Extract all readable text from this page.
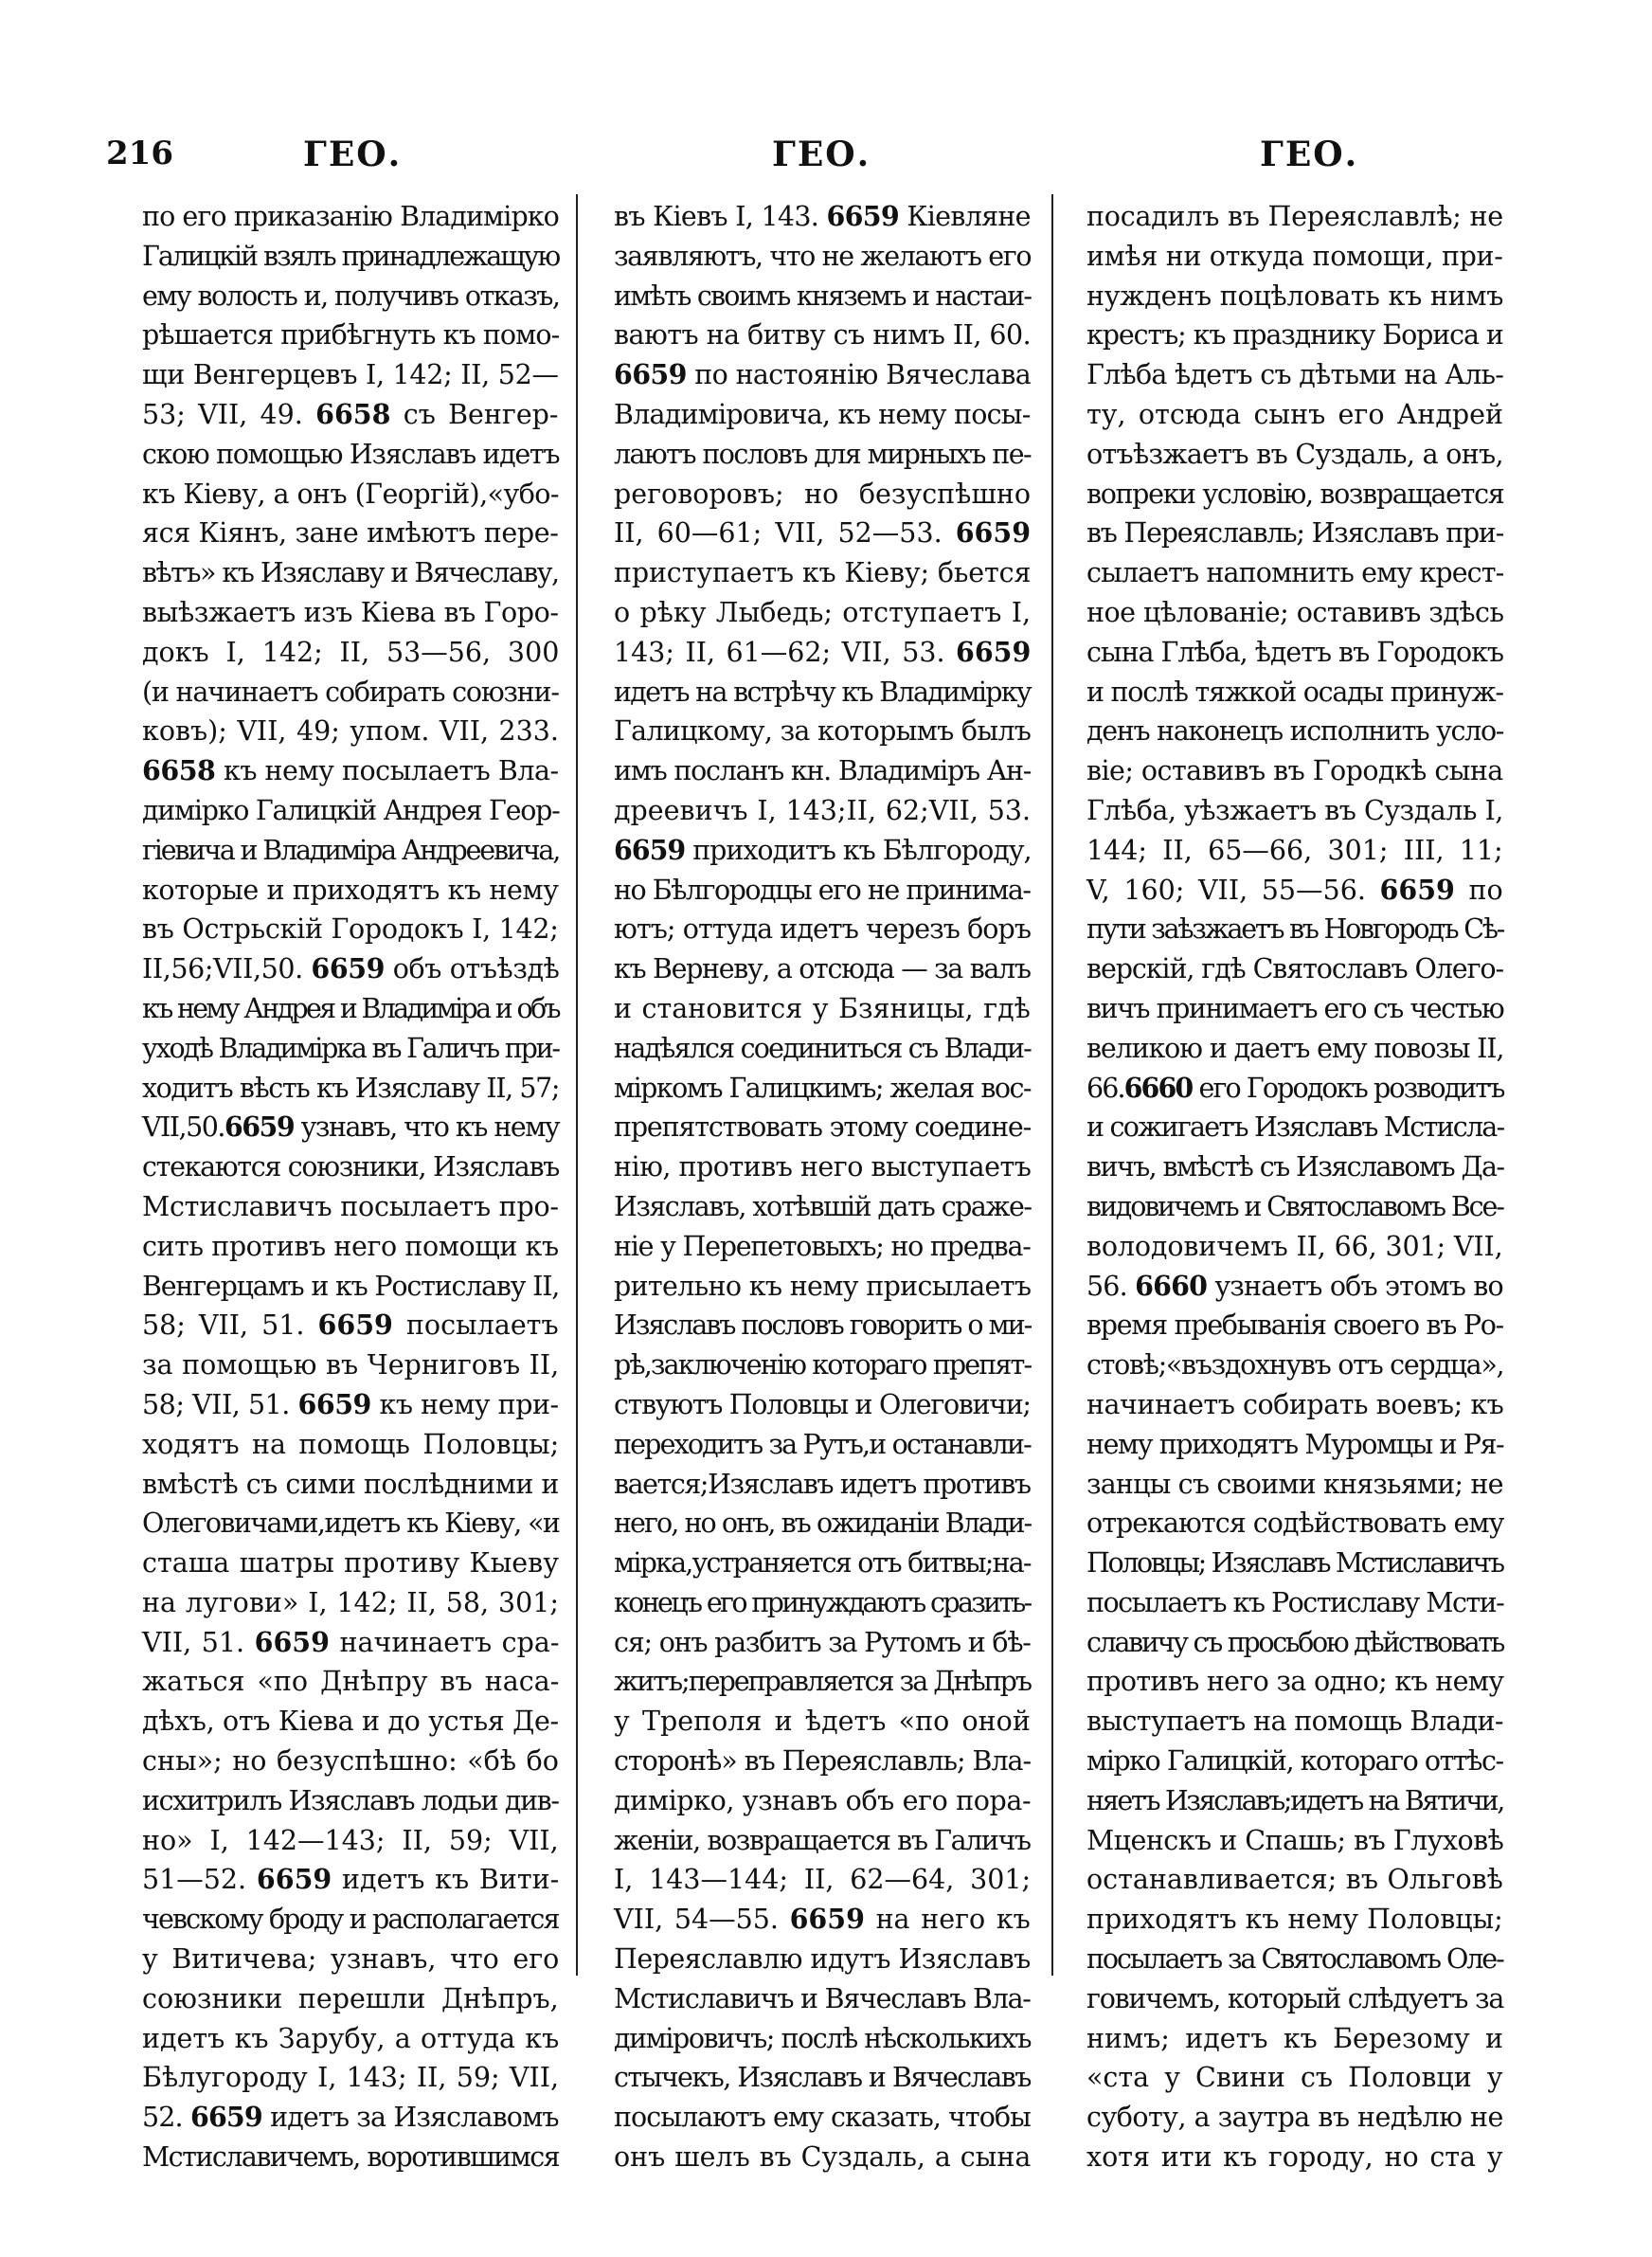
216	ГЕО.	ГЕО.	ГЕО.
по его приказанію Владимірко
Галицкій взялъ принадлежащую
ему волость и, получивъ отказъ,
рѣшается прибѣгнуть къ помо-
щи Венгерцевъ I, 142; II, 52—
53; VII, 49. 6658 съ Венгер-
скою помощью Изяславъ идетъ
къ Кіеву, а онъ (Георгій),«убо-
яся Кіянъ, зане имѣютъ пере-
вѣтъ» къ Изяславу и Вячеславу,
выѣзжаетъ изъ Кіева въ Горо-
докъ I, 142; II, 53—56, 300
(и начинаетъ собирать союзни-
ковъ); VII, 49; упом. VII, 233.
6658 къ нему посылаетъ Вла-
димірко Галицкій Андрея Геор-
гіевича и Владиміра Андреевича,
которые и приходятъ къ нему
въ Острьскій Городокъ I, 142;
II,56;VII,50. 6659 объ отъѣздѣ
къ нему Андрея и Владиміра и объ
уходѣ Владимірка въ Галичъ при-
ходитъ вѣсть къ Изяславу II, 57;
VII,50.6659 узнавъ, что къ нему
стекаются союзники, Изяславъ
Мстиславичъ посылаетъ про-
сить противъ него помощи къ
Венгерцамъ и къ Ростиславу II,
58; VII, 51. 6659 посылаетъ
за помощью въ Черниговъ II,
58; VII, 51. 6659 къ нему при-
ходятъ на помощь Половцы;
вмѣстѣ съ сими послѣдними и
Олеговичами,идетъ къ Кіеву, «и
сташа шатры противу Кыеву
на лугови» I, 142; II, 58, 301;
VII, 51. 6659 начинаетъ сра-
жаться «по Днѣпру въ наса-
дѣхъ, отъ Кіева и до устья Де-
сны»; но безуспѣшно: «бѣ бо
исхитрилъ Изяславъ лодьи див-
но» I, 142—143; II, 59; VII,
51—52. 6659 идетъ къ Вити-
чевскому броду и располагается
у Витичева; узнавъ, что его
союзники перешли Днѣпръ,
идетъ къ Зарубу, а оттуда къ
Бѣлугороду I, 143; II, 59; VII,
52. 6659 идетъ за Изяславомъ
Мстиславичемъ, воротившимся
въ Кіевъ I, 143. 6659 Кіевляне
заявляютъ, что не желаютъ его
имѣть своимъ княземъ и настаи-
ваютъ на битву съ нимъ II, 60.
6659 по настоянію Вячеслава
Владиміровича, къ нему посы-
лаютъ пословъ для мирныхъ пе-
реговоровъ; но безуспѣшно
II, 60—61; VII, 52—53. 6659
приступаетъ къ Кіеву; бьется
о рѣку Лыбедь; отступаетъ I,
143; II, 61—62; VII, 53. 6659
идетъ на встрѣчу къ Владимірку
Галицкому, за которымъ былъ
имъ посланъ кн. Владиміръ Ан-
дреевичъ I, 143;II, 62;VII, 53.
6659 приходитъ къ Бѣлгороду,
но Бѣлгородцы его не принима-
ютъ; оттуда идетъ черезъ боръ
къ Верневу, а отсюда — за валъ
и становится у Бзяницы, гдѣ
надѣялся соединиться съ Влади-
міркомъ Галицкимъ; желая вос-
препятствовать этому соедине-
нію, противъ него выступаетъ
Изяславъ, хотѣвшій дать сраже-
ніе у Перепетовыхъ; но предва-
рительно къ нему присылаетъ
Изяславъ пословъ говорить о ми-
рѣ,заключенію котораго препят-
ствуютъ Половцы и Олеговичи;
переходитъ за Рутъ,и останавли-
вается;Изяславъ идетъ противъ
него, но онъ, въ ожиданіи Влади-
мірка,устраняется отъ битвы;на-
конецъ его принуждаютъ сразить-
ся; онъ разбитъ за Рутомъ и бѣ-
житъ;переправляется за Днѣпръ
у Треполя и ѣдетъ «по оной
сторонѣ» въ Переяславль; Вла-
димірко, узнавъ объ его пора-
женіи, возвращается въ Галичъ
I, 143—144; II, 62—64, 301;
VII, 54—55. 6659 на него къ
Переяславлю идутъ Изяславъ
Мстиславичъ и Вячеславъ Вла-
диміровичъ; послѣ нѣсколькихъ
стычекъ, Изяславъ и Вячеславъ
посылаютъ ему сказать, чтобы
онъ шелъ въ Суздаль, а сына
посадилъ въ Переяславлѣ; не
имѣя ни откуда помощи, при-
нужденъ поцѣловать къ нимъ
крестъ; къ празднику Бориса и
Глѣба ѣдетъ съ дѣтьми на Аль-
ту, отсюда сынъ его Андрей
отъѣзжаетъ въ Суздаль, а онъ,
вопреки условію, возвращается
въ Переяславль; Изяславъ при-
сылаетъ напомнить ему крест-
ное цѣлованіе; оставивъ здѣсь
сына Глѣба, ѣдетъ въ Городокъ
и послѣ тяжкой осады принуж-
денъ наконецъ исполнить усло-
віе; оставивъ въ Городкѣ сына
Глѣба, уѣзжаетъ въ Суздаль I,
144; II, 65—66, 301; III, 11;
V, 160; VII, 55—56. 6659 по
пути заѣзжаетъ въ Новгородъ Сѣ-
верскій, гдѣ Святославъ Олего-
вичъ принимаетъ его съ честью
великою и даетъ ему повозы II,
66.6660 его Городокъ розводитъ
и сожигаетъ Изяславъ Мстисла-
вичъ, вмѣстѣ съ Изяславомъ Да-
видовичемъ и Святославомъ Все-
володовичемъ II, 66, 301; VII,
56. 6660 узнаетъ объ этомъ во
время пребыванія своего въ Ро-
стовѣ;«въздохнувъ отъ сердца»,
начинаетъ собирать воевъ; къ
нему приходятъ Муромцы и Ря-
занцы съ своими князьями; не
отрекаются содѣйствовать ему
Половцы; Изяславъ Мстиславичъ
посылаетъ къ Ростиславу Мсти-
славичу съ просьбою дѣйствовать
противъ него за одно; къ нему
выступаетъ на помощь Влади-
мірко Галицкій, котораго оттѣс-
няетъ Изяславъ;идетъ на Вятичи,
Мценскъ и Спашь; въ Глуховѣ
останавливается; въ Ольговѣ
приходятъ къ нему Половцы;
посылаетъ за Святославомъ Оле-
говичемъ, который слѣдуетъ за
нимъ; идетъ къ Березому и
«ста у Свини съ Половци у
суботу, а заутра въ недѣлю не
хотя ити къ городу, но ста у
